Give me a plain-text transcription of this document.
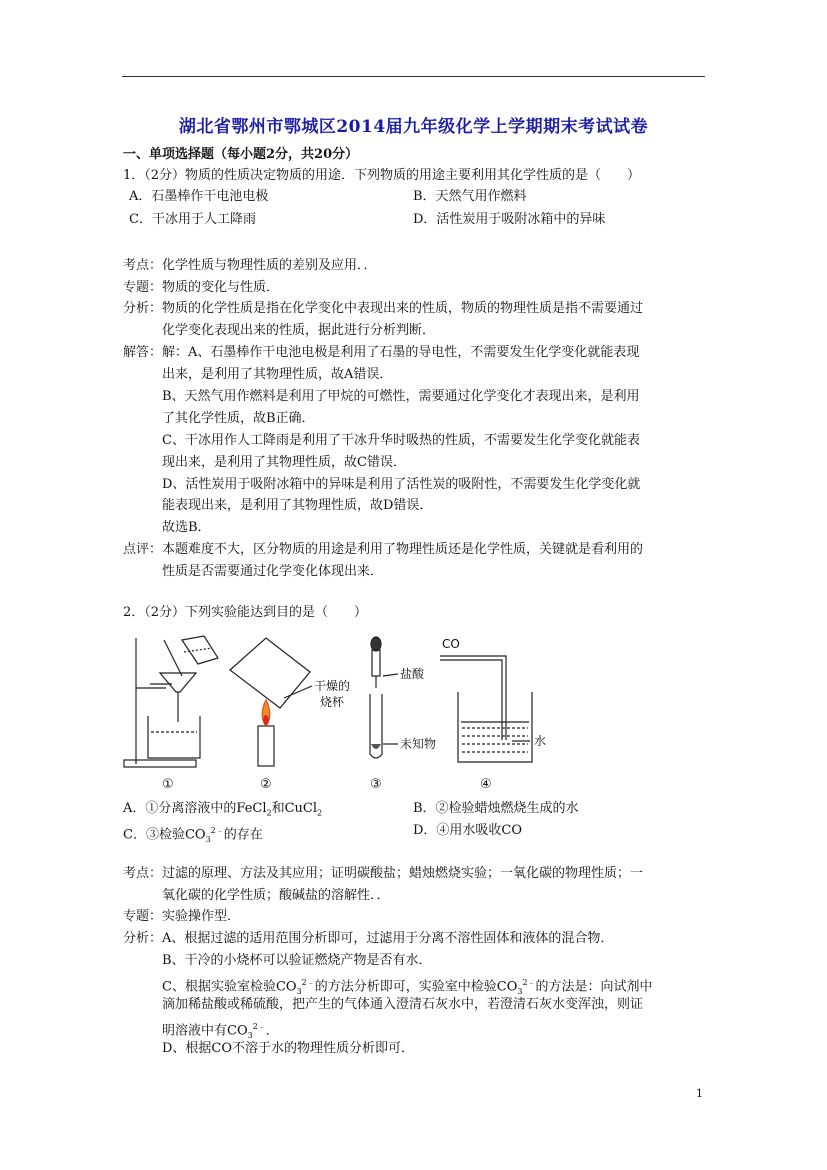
湖北省鄂州市鄂城区2014届九年级化学上学期期末考试试卷
一、单项选择题（每小题2分，共20分）
1．（2分）物质的性质决定物质的用途．下列物质的用途主要利用其化学性质的是（　　）
A．石墨棒作干电池电极	B．天然气用作燃料
C．干冰用于人工降雨	D．活性炭用于吸附冰箱中的异味
考点：化学性质与物理性质的差别及应用．．
专题：物质的变化与性质．
分析：物质的化学性质是指在化学变化中表现出来的性质，物质的物理性质是指不需要通过
化学变化表现出来的性质，据此进行分析判断．
解答：解：A、石墨棒作干电池电极是利用了石墨的导电性，不需要发生化学变化就能表现
出来，是利用了其物理性质，故A错误．
B、天然气用作燃料是利用了甲烷的可燃性，需要通过化学变化才表现出来，是利用
了其化学性质，故B正确．
C、干冰用作人工降雨是利用了干冰升华时吸热的性质，不需要发生化学变化就能表
现出来，是利用了其物理性质，故C错误．
D、活性炭用于吸附冰箱中的异味是利用了活性炭的吸附性，不需要发生化学变化就
能表现出来，是利用了其物理性质，故D错误．
故选B．
点评：本题难度不大，区分物质的用途是利用了物理性质还是化学性质，关键就是看利用的
性质是否需要通过化学变化体现出来．
2．（2分）下列实验能达到目的是（　　）
干燥的
烧杯
盐酸
未知物
CO
水
①	②	③	④
A．①分离溶液中的FeCl$_2$和CuCl$_2$	B．②检验蜡烛燃烧生成的水
C．③检验$CO_3^{2﹣}$的存在	D．④用水吸收CO
考点：过滤的原理、方法及其应用；证明碳酸盐；蜡烛燃烧实验；一氧化碳的物理性质；一
氧化碳的化学性质；酸碱盐的溶解性．．
专题：实验操作型．
分析：A、根据过滤的适用范围分析即可，过滤用于分离不溶性固体和液体的混合物．
B、干冷的小烧杯可以验证燃烧产物是否有水．
C、根据实验室检验$CO_3^{2﹣}$的方法分析即可，实验室中检验$CO_3^{2﹣}$的方法是：向试剂中
滴加稀盐酸或稀硫酸，把产生的气体通入澄清石灰水中，若澄清石灰水变浑浊，则证
明溶液中有$CO_3^{2﹣}$．
D、根据CO不溶于水的物理性质分析即可．
1
